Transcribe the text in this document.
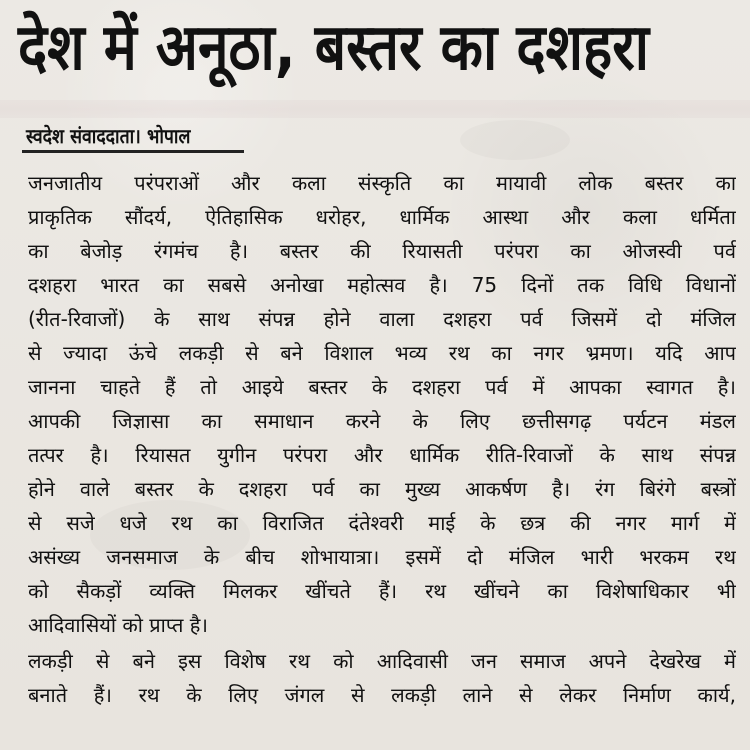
देश में अनूठा, बस्तर का दशहरा
स्वदेश संवाददाता। भोपाल
जनजातीय परंपराओं और कला संस्कृति का मायावी लोक बस्तर का
प्राकृतिक सौंदर्य, ऐतिहासिक धरोहर, धार्मिक आस्था और कला धर्मिता
का बेजोड़ रंगमंच है। बस्तर की रियासती परंपरा का ओजस्वी पर्व
दशहरा भारत का सबसे अनोखा महोत्सव है। 75 दिनों तक विधि विधानों
(रीत-रिवाजों) के साथ संपन्न होने वाला दशहरा पर्व जिसमें दो मंजिल
से ज्यादा ऊंचे लकड़ी से बने विशाल भव्य रथ का नगर भ्रमण। यदि आप
जानना चाहते हैं तो आइये बस्तर के दशहरा पर्व में आपका स्वागत है।
आपकी जिज्ञासा का समाधान करने के लिए छत्तीसगढ़ पर्यटन मंडल
तत्पर है। रियासत युगीन परंपरा और धार्मिक रीति-रिवाजों के साथ संपन्न
होने वाले बस्तर के दशहरा पर्व का मुख्य आकर्षण है। रंग बिरंगे बस्त्रों
से सजे धजे रथ का विराजित दंतेश्वरी माई के छत्र की नगर मार्ग में
असंख्य जनसमाज के बीच शोभायात्रा। इसमें दो मंजिल भारी भरकम रथ
को सैकड़ों व्यक्ति मिलकर खींचते हैं। रथ खींचने का विशेषाधिकार भी
आदिवासियों को प्राप्त है।
लकड़ी से बने इस विशेष रथ को आदिवासी जन समाज अपने देखरेख में
बनाते हैं। रथ के लिए जंगल से लकड़ी लाने से लेकर निर्माण कार्य,
